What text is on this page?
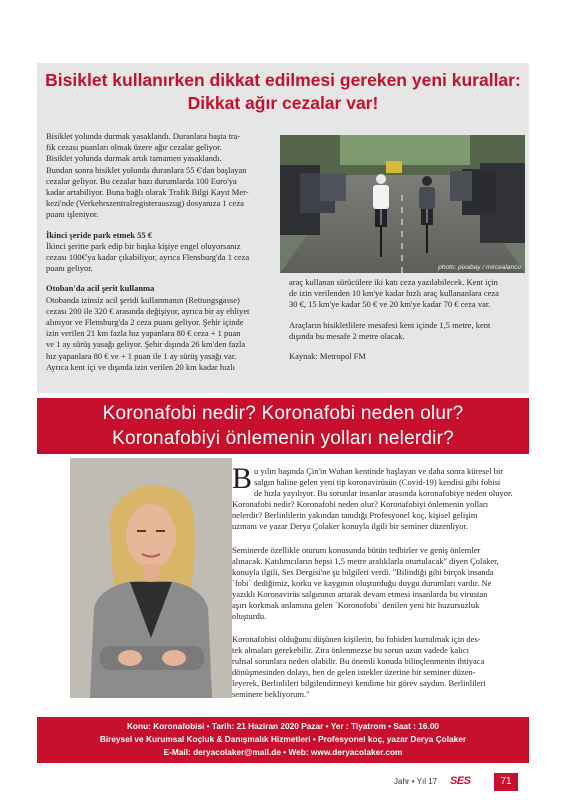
Bisiklet kullanırken dikkat edilmesi gereken yeni kurallar:
Dikkat ağır cezalar var!

Bisiklet yolunda durmak yasaklandı. Duranlara baştа tra-

fik cezası puanları olmak üzere ağır cezalar geliyor.

Bisiklet yolunda durmak artık tamamen yasaklandı.

Bundan sonra bisiklet yolunda duranlara 55 €'dan başlayan

cezalar geliyor. Bu cezalar bazı durumlarda 100 Euro'ya

kadar artabiliyor. Buna bağlı olarak Trafik Bilgi Kayıt Mer-

kezi'nde (Verkehrszentralregisterauszug) dosyanıza 1 ceza

puanı işleniyor.

İkinci şeride park etmek 55 €

İkinci şeritte park edip bir başka kişiye engel oluyorsanız

cezası 100€'ya kadar çıkabiliyor, ayrıca Flensburg'da 1 ceza

puanı geliyor.

Otoban'da acil şerit kullanma

Otobanda izinsiz acil şeridi kullanmanın (Rettungsgasse)

cezası 200 ile 320 € arasında değişiyor, ayrıca bir ay ehliyet

alınıyor ve Flensburg'da 2 ceza puanı geliyor. Şehir içinde

izin verilen 21 km fazla hız yapanlara 80 € ceza + 1 puan

ve 1 ay sürüş yasağı geliyor. Şehir dışında 26 km'den fazla

hız yapanlara 80 € ve + 1 puan ile 1 ay sürüş yasağı var.

Ayrıca kent içi ve dışında izin verilen 20 km kadar hızlı

photo: pixabay / mircealancu

araç kullanan sürücülere iki katı ceza yazılabilecek. Kent için

de izin verilenden 10 km'ye kadar hızlı araç kullananlara ceza

30 €, 15 km'ye kadar 50 € ve 20 km'ye kadar 70 € ceza var.

Araçların bisikletlilere mesafesi kent içinde 1,5 metre, kent

dışında bu mesafe 2 metre olacak.

Kaynak: Metropol FM

Koronafobi nedir? Koronafobi neden olur?
Koronafobiyi önlemenin yolları nelerdir?
B u yılın başında Çin'in Wuhan kentinde başlayan ve daha sonra küresel bir
salgın haline gelen yeni tip koronavirüsün (Covid-19) kendisi gibi fobisi
de hızla yayılıyor. Bu sorunlar insanlar arasında koronafobiye neden oluyor.
Koronafobi nedir? Koronafobi neden olur? Koronafobiyi önlemenin yolları
nelerdir? Berlinlilerin yakından tanıdığı Profesyonel koç, kişisel gelişim
uzmanı ve yazar Derya Çolaker konuyla ilgili bir seminer düzenliyor.
Seminerde özellikle oturum konusunda bütün tedbirler ve geniş önlemler
alınacak. Katılımcıların hepsi 1,5 metre aralıklarla oturtulacak" diyen Çolaker,
konuyla ilgili, Ses Dergisi'ne şu bilgileri verdi. "Bilindiği gibi birçok insanda
`fobi` dediğimiz, korku ve kaygının oluşturduğu duygu durumları vardır. Ne
yazıklı Koronavirüs salgınının artarak devam etmesi insanlarda bu virustan
aşırı korkmak anlamına gelen `Koronofobi` denilen yeni bir huzursuzluk
oluşturdu.
Koronafobisi olduğunu düşünen kişilerin, bu fobiden kurtulmak için des-
tek almaları gerekebilir. Zira önlenmezse bu sorun uzun vadede kalıcı
ruhsal sorunlara neden olabilir. Bu önemli konuda bilinçlenmenin ihtiyaca
dönüşmesinden dolayı, ben de gelen istekler üzerine bir seminer düzen-
leyerek, Berlinlileri bilgilendirmeyi kendime bir görev saydım. Berlinlileri
seminere bekliyorum."
Konu: Koronafobisi • Tarih: 21 Haziran 2020 Pazar • Yer : Tiyatrom • Saat : 16.00
Bireysel ve Kurumsal Koçluk & Danışmalık Hizmetleri • Profesyonel koç, yazar Derya Çolaker
E-Mail: deryacolaker@mail.de • Web: www.deryacolaker.com
Jahr • Yıl 17 SES	71
